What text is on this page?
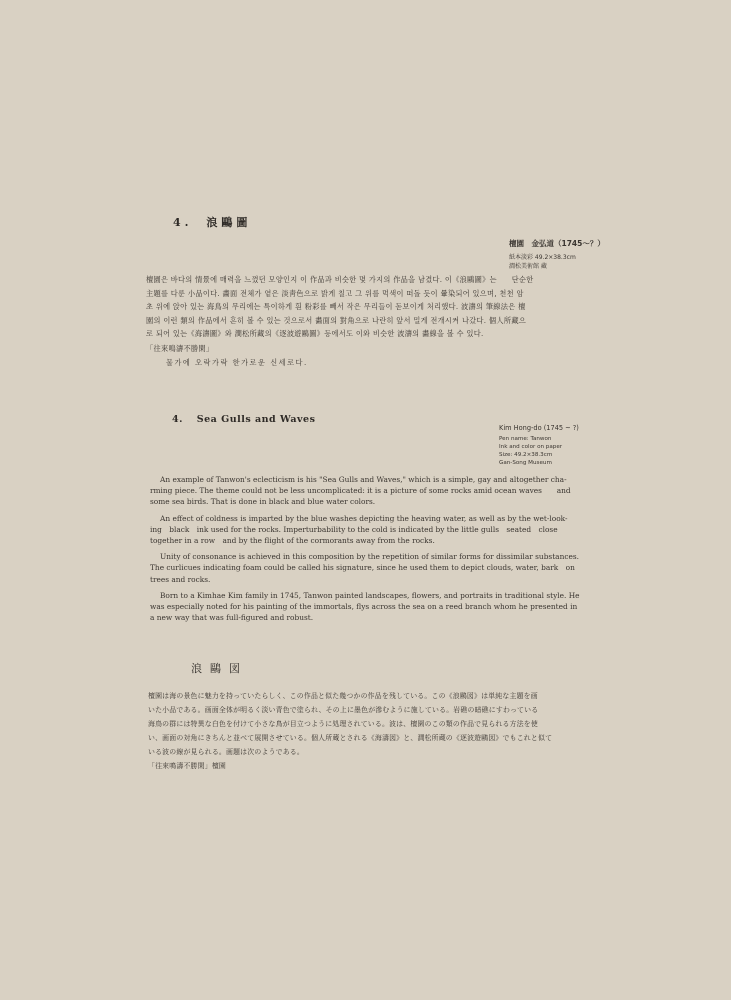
4. 浪鷗圖
檀園　金弘道（1745～？）
紙本淡彩 49.2×38.3cm
澗松美術館 藏
檀園은 바다의 情景에 매력을 느꼈던 모양인지 이 作品과 비슷한 몇 가지의 作品을 남겼다. 이《浪鷗圖》는　　단순한
主題를 다룬 小品이다. 畵面 전체가 옅은 淡靑色으로 밝게 칠고 그 위를 먹색이 떠돌 듯이 暈染되어 있으며, 천천 암
초 위에 앉아 있는 海鳥의 무리에는 특이하게 흰 粉彩를 빼서 작은 무리들이 돋보이게 처리했다. 波濤의 筆線法은 檀
園의 이런 類의 作品에서 흔히 볼 수 있는 것으로서 畵面의 對角으로 나란히 앞서 밀게 전개시켜 나갔다. 個人所藏으
로 되어 있는《海濤圖》와 澗松所藏의《逐波遊鷗圖》등에서도 이와 비슷한 波濤의 畵線을 볼 수 있다.
「往來鳴濤不勝閑」
물가에 오락가락 한가로운 신세로다.
4. Sea Gulls and Waves
Kim Hong-do (1745 ~ ?)
Pen name: Tanwon
Ink and color on paper
Size: 49.2×38.3cm
Gan-Song Museum
An example of Tanwon's eclecticism is his "Sea Gulls and Waves," which is a simple, gay and altogether cha-
rming piece. The theme could not be less uncomplicated: it is a picture of some rocks amid ocean waves　　and
some sea birds. That is done in black and blue water colors.
An effect of coldness is imparted by the blue washes depicting the heaving water, as well as by the wet-look-
ing　black　ink used for the rocks. Imperturbability to the cold is indicated by the little gulls　seated　close
together in a row　and by the flight of the cormorants away from the rocks.
Unity of consonance is achieved in this composition by the repetition of similar forms for dissimilar substances.
The curlicues indicating foam could be called his signature, since he used them to depict clouds, water, bark　on
trees and rocks.
Born to a Kimhae Kim family in 1745, Tanwon painted landscapes, flowers, and portraits in traditional style. He
was especially noted for his painting of the immortals, flys across the sea on a reed branch whom he presented in
a new way that was full-figured and robust.
浪鷗図
檀園は海の景色に魅力を持っていたらしく、この作品と似た幾つかの作品を残している。この《浪鷗図》は単純な主題を画
いた小品である。画面全体が明るく淡い青色で塗られ、その上に墨色が滲むように施している。岩礁の暗礁にすわっている
海鳥の群には特異な白色を付けて小さな鳥が目立つように処理されている。波は、檀園のこの類の作品で見られる方法を使
い、画面の対角にきちんと並べて展開させている。個人所蔵とされる《海濤図》と、澗松所蔵の《逐波遊鷗図》でもこれと似て
いる波の線が見られる。画題は次のようである。
「往來鳴濤不勝閑」檀園
